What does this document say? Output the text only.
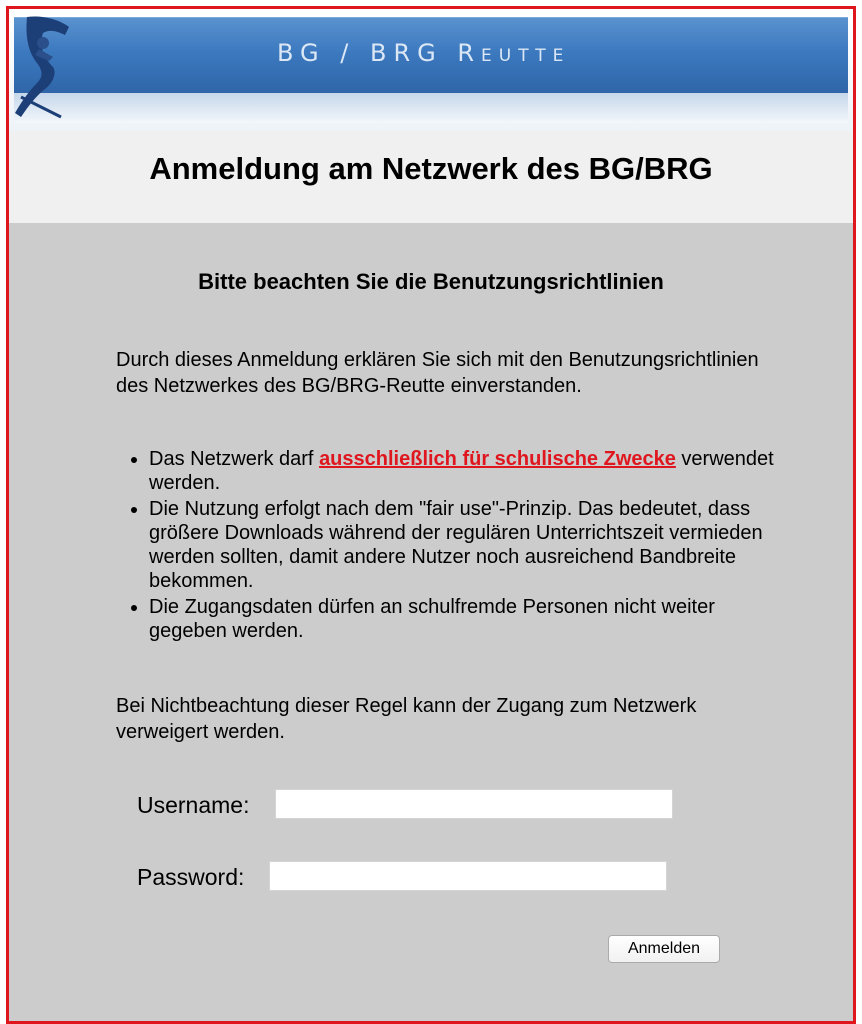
BG / BRG Reutte
Anmeldung am Netzwerk des BG/BRG
Bitte beachten Sie die Benutzungsrichtlinien

Durch dieses Anmeldung erklären Sie sich mit den Benutzungsrichtlinien des Netzwerkes des BG/BRG-Reutte einverstanden.

• Das Netzwerk darf ausschließlich für schulische Zwecke verwendet werden.
• Die Nutzung erfolgt nach dem "fair use"-Prinzip. Das bedeutet, dass größere Downloads während der regulären Unterrichtszeit vermieden werden sollten, damit andere Nutzer noch ausreichend Bandbreite bekommen.
• Die Zugangsdaten dürfen an schulfremde Personen nicht weiter gegeben werden.

Bei Nichtbeachtung dieser Regel kann der Zugang zum Netzwerk verweigert werden.

Username:
Password:
Anmelden
